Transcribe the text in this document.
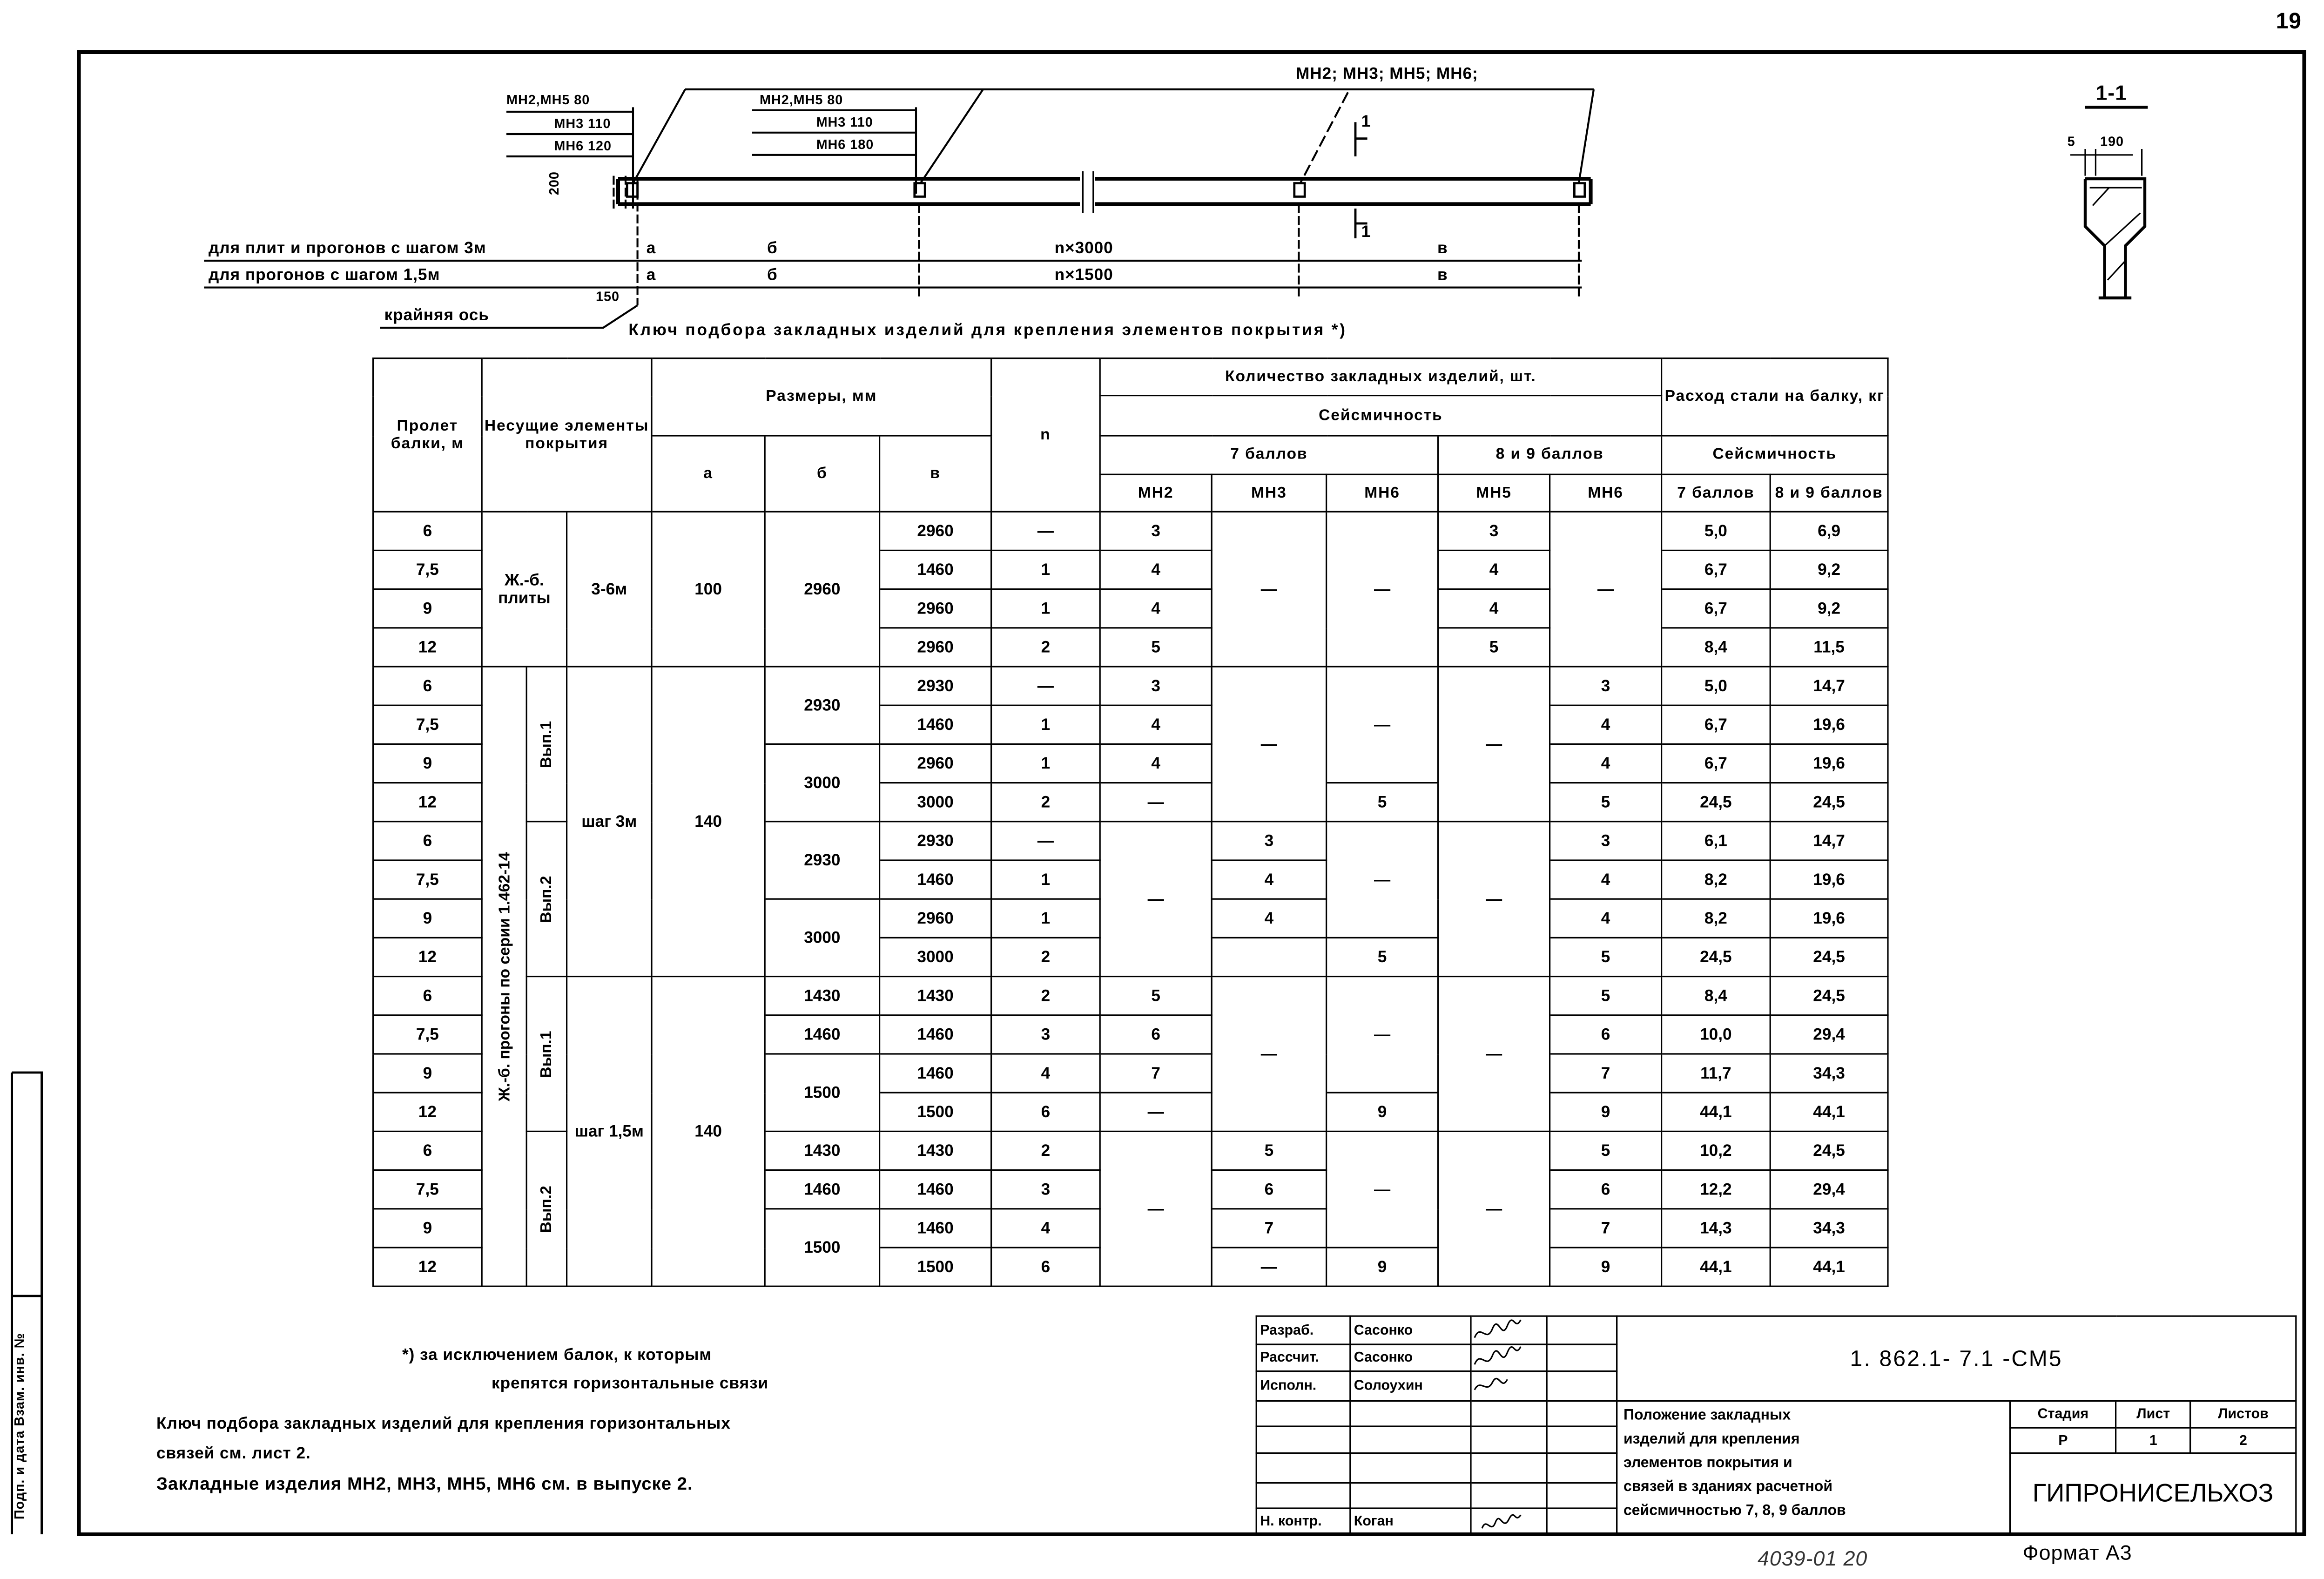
19
МН2; МН3; МН5; МН6;
МН2,МН5 80
МН3 110
МН6 120
МН2,МН5 80
МН3 110
МН6 180
200
150
1
1
для плит и прогонов с шагом 3м
для прогонов с шагом 1,5м
а	б	n×3000	в
а	б	n×1500	в
крайняя ось
1-1
5	190
Ключ подбора закладных изделий для крепления элементов покрытия *)
Пролет балки, м	Несущие элементы покрытия			Размеры, мм			n	Количество закладных изделий, шт.					Расход стали на балку, кг	
								Сейсмичность						
				а	б	в		7 баллов			8 и 9 баллов		Сейсмичность	
								МН2	МН3	МН6	МН5	МН6	7 баллов	8 и 9 баллов
6	Ж.-б. плиты		3-6м	100	2960	2960	—	3	—	—	3	—	5,0	6,9
7,5						1460	1	4			4		6,7	9,2
9						2960	1	4			4		6,7	9,2
12						2960	2	5			5		8,4	11,5
6	Ж.-б. прогоны по серии 1.462-14	Вып.1	шаг 3м	140	2930	2930	—	3	—	—	—	3	5,0	14,7
7,5						1460	1	4				4	6,7	19,6
9					3000	2960	1	4				4	6,7	19,6
12						3000	2	—		5		5	24,5	24,5
6		Вып.2			2930	2930	—	—	3	—	—	3	6,1	14,7
7,5						1460	1		4			4	8,2	19,6
9					3000	2960	1		4			4	8,2	19,6
12						3000	2			5		5	24,5	24,5
6		Вып.1	шаг 1,5м	140	1430	1430	2	5	—	—	—	5	8,4	24,5
7,5					1460	1460	3	6				6	10,0	29,4
9					1500	1460	4	7				7	11,7	34,3
12						1500	6	—		9		9	44,1	44,1
6		Вып.2			1430	1430	2	—	5	—	—	5	10,2	24,5
7,5					1460	1460	3		6			6	12,2	29,4
9					1500	1460	4		7			7	14,3	34,3
12						1500	6		—	9		9	44,1	44,1
*) за исключением балок, к которым
крепятся горизонтальные связи
Ключ подбора закладных изделий для крепления горизонтальных
связей см. лист 2.
Закладные изделия МН2, МН3, МН5, МН6 см. в выпуске 2.
Подп. и дата Взам. инв. №
Разраб.	Сасонко		
Рассчит.	Сасонко		
Исполн.	Солоухин		

Н. контр.	Коган		
1. 862.1- 7.1 -СМ5			

Положение закладных
изделий для крепления
элементов покрытия и
связей в зданиях расчетной
сейсмичностью 7, 8, 9 баллов	Стадия	Лист	Листов
	Р	1	2
	ГИПРОНИСЕЛЬХОЗ		
4039-01 20	Формат А3
